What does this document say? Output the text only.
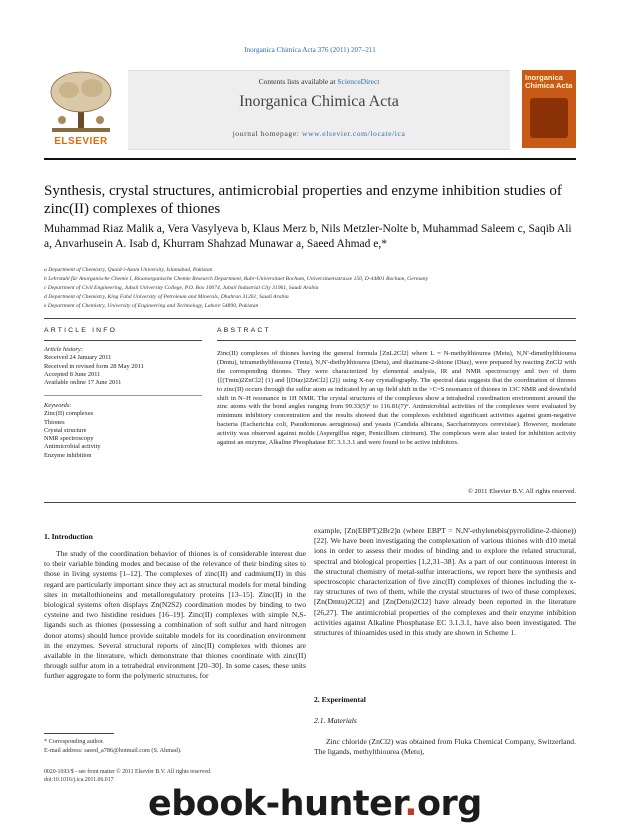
Inorganica Chimica Acta 376 (2011) 207–211
ELSEVIER
Contents lists available at ScienceDirect
Inorganica Chimica Acta
journal homepage: www.elsevier.com/locate/ica
Inorganica Chimica Acta
Synthesis, crystal structures, antimicrobial properties and enzyme inhibition studies of zinc(II) complexes of thiones
Muhammad Riaz Malik a, Vera Vasylyeva b, Klaus Merz b, Nils Metzler-Nolte b, Muhammad Saleem c, Saqib Ali a, Anvarhusein A. Isab d, Khurram Shahzad Munawar a, Saeed Ahmad e,*
a Department of Chemistry, Quaid-i-Azam University, Islamabad, Pakistan
b Lehrstuhl für Anorganische Chemie I, Bioanorganische Chemie Research Department, Ruhr-Universitaet Bochum, Universitaetsstrasse 150, D-44801 Bochum, Germany
c Department of Civil Engineering, Jubail University College, P.O. Box 10074, Jubail Industrial City 31961, Saudi Arabia
d Department of Chemistry, King Fahd University of Petroleum and Minerals, Dhahran 31261, Saudi Arabia
e Department of Chemistry, University of Engineering and Technology, Lahore 54890, Pakistan
ARTICLE INFO
Article history:
Received 24 January 2011
Received in revised form 28 May 2011
Accepted 8 June 2011
Available online 17 June 2011
Keywords:
Zinc(II) complexes
Thiones
Crystal structure
NMR spectroscopy
Antimicrobial activity
Enzyme inhibition
ABSTRACT
Zinc(II) complexes of thiones having the general formula [ZnL2Cl2] where L = N-methylthiourea (Metu), N,N'-dimethylthiourea (Dmtu), tetramethylthiourea (Tmtu), N,N'-diethylthiourea (Detu), and diazinane-2-thione (Diaz), were prepared by reacting ZnCl2 with the corresponding thiones. They were characterized by elemental analysis, IR and NMR spectroscopy and two of them {[(Tmtu)2ZnCl2] (1) and [(Diaz)2ZnCl2] (2)} using X-ray crystallography. The spectral data suggests that the coordination of thiones to zinc(II) occurs through the sulfur atom as indicated by an up field shift in the >C=S resonance of thiones in 13C NMR and downfield shift in N–H resonance in 1H NMR. The crystal structures of the complexes show a tetrahedral coordination environment around the zinc atoms with the bond angles ranging from 99.33(5)° to 116.81(7)°. Antimicrobial activities of the complexes were evaluated by minimum inhibitory concentration and the results showed that the complexes exhibited significant activities against gram-negative bacteria (Escherichia coli, Pseudomonas aeruginosa) and yeasts (Candida albicans, Saccharomyces cerevisiae). However, moderate activity was observed against molds (Aspergillus niger, Penicillium citrinum). The complexes were also tested for inhibition activity against an enzyme, Alkaline Phosphatase EC 3.1.3.1 and were found to be active inhibitors.
© 2011 Elsevier B.V. All rights reserved.
1. Introduction
The study of the coordination behavior of thiones is of considerable interest due to their variable binding modes and because of the relevance of their binding sites to those in living systems [1–12]. The complexes of zinc(II) and cadmium(II) in this regard are particularly important since they act as structural models for metal binding sites in metallothioneins and metalloregulatory proteins [13–15]. Zinc(II) in the biological systems often displays Zn(N2S2) coordination modes by binding to two cysteine and two histidine residues [16–19]. Zinc(II) complexes with simple N,S-ligands such as thiones (possessing a combination of soft sulfur and hard nitrogen donor atoms) should hence provide suitable models for its coordination environment in the enzymes. Several structural reports of zinc(II) complexes with thiones are available in the literature, which demonstrate that thiones coordinate with zinc(II) through sulfur atom in a tetrahedral environment [20–30]. In some cases, these units further aggregate to form the polymeric structures, for
example, [Zn(EBPT)2Br2]n (where EBPT = N,N'-ethylenebis(pyrrolidine-2-thione)) [22]. We have been investigating the complexation of various thiones with d10 metal ions in order to assess their modes of binding and to explore the related structural, spectral and biological properties [1,2,31–38]. As a part of our continuous interest in the structural chemistry of metal-sulfur interactions, we report here the synthesis and spectroscopic characterization of five zinc(II) complexes of thiones including the x-ray structures of two of them, while the crystal structures of two of these complexes, [Zn(Dmtu)2Cl2] and [Zn(Detu)2Cl2] have already been reported in the literature [26,27]. The antimicrobial properties of the complexes and their enzyme inhibition activities against Alkaline Phosphatase EC 3.1.3.1, have also been investigated. The structures of thioamides used in this study are shown in Scheme 1.
2. Experimental
2.1. Materials
Zinc chloride (ZnCl2) was obtained from Fluka Chemical Company, Switzerland. The ligands, methylthiourea (Metu),
* Corresponding author.
E-mail address: saeed_a786@hotmail.com (S. Ahmad).
0020-1693/$ - see front matter © 2011 Elsevier B.V. All rights reserved.
doi:10.1016/j.ica.2011.06.017
ebook-hunter.org
